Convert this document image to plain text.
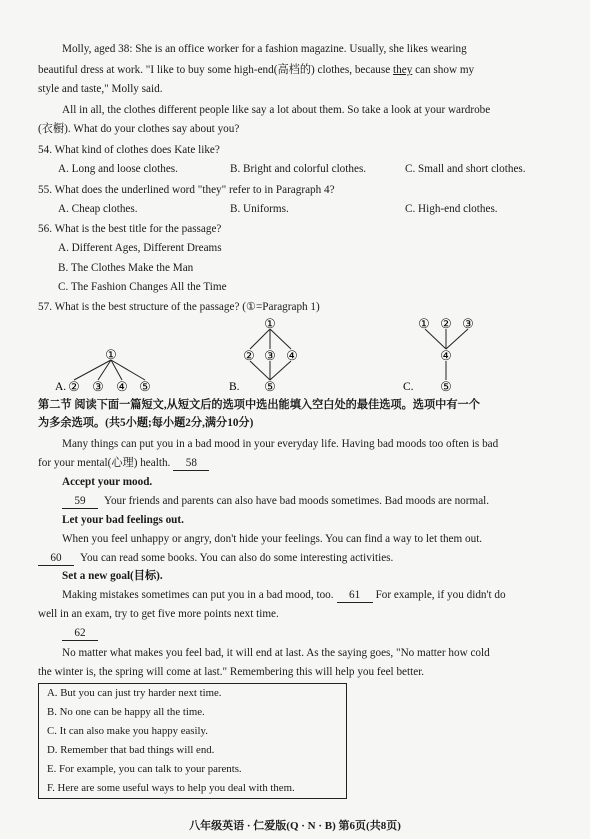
Molly, aged 38: She is an office worker for a fashion magazine. Usually, she likes wearing
beautiful dress at work. "I like to buy some high-end(高档的) clothes, because they can show my
style and taste," Molly said.
All in all, the clothes different people like say a lot about them. So take a look at your wardrobe
(衣橱). What do your clothes say about you?
54. What kind of clothes does Kate like?
A. Long and loose clothes.	B. Bright and colorful clothes.	C. Small and short clothes.
55. What does the underlined word "they" refer to in Paragraph 4?
A. Cheap clothes.	B. Uniforms.	C. High-end clothes.
56. What is the best title for the passage?
A. Different Ages, Different Dreams
B. The Clothes Make the Man
C. The Fashion Changes All the Time
57. What is the best structure of the passage? (①=Paragraph 1)
A.
①
② ③ ④ ⑤	B.
①
② ③ ④
⑤	C.
① ② ③
④
⑤
第二节 阅读下面一篇短文,从短文后的选项中选出能填入空白处的最佳选项。选项中有一个
为多余选项。(共5小题;每小题2分,满分10分)
Many things can put you in a bad mood in your everyday life. Having bad moods too often is bad
for your mental(心理) health. 58
Accept your mood.
59 Your friends and parents can also have bad moods sometimes. Bad moods are normal.
Let your bad feelings out.
When you feel unhappy or angry, don't hide your feelings. You can find a way to let them out.
60 You can read some books. You can also do some interesting activities.
Set a new goal(目标).
Making mistakes sometimes can put you in a bad mood, too. 61 For example, if you didn't do
well in an exam, try to get five more points next time.
62
No matter what makes you feel bad, it will end at last. As the saying goes, "No matter how cold
the winter is, the spring will come at last." Remembering this will help you feel better.
A. But you can just try harder next time.
B. No one can be happy all the time.
C. It can also make you happy easily.
D. Remember that bad things will end.
E. For example, you can talk to your parents.
F. Here are some useful ways to help you deal with them.
八年级英语 · 仁爱版(Q · N · B) 第6页(共8页)
